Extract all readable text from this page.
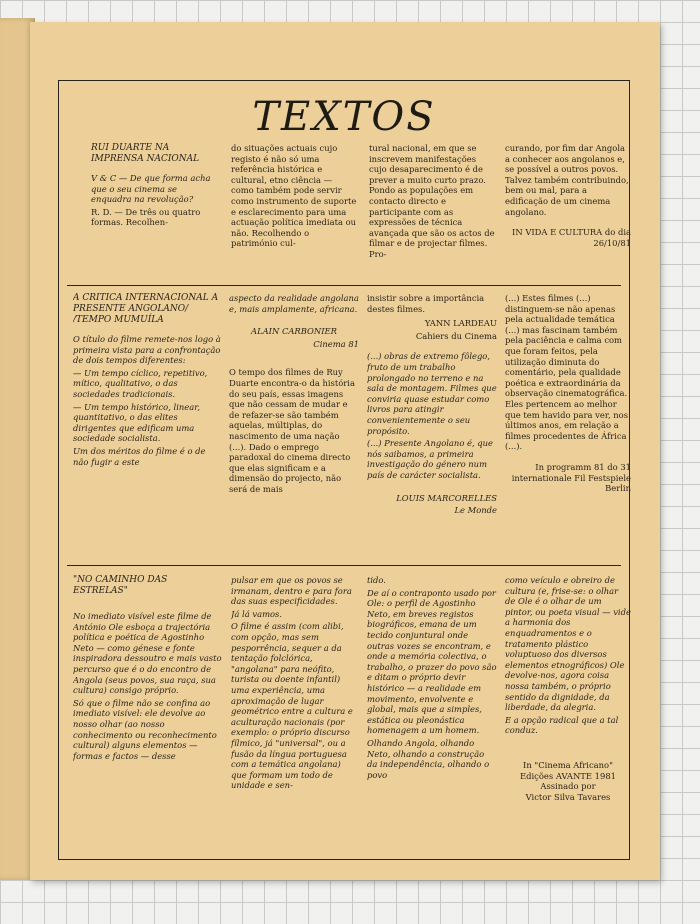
TEXTOS

RUI DUARTE NA IMPRENSA NACIONAL

V & C — De que forma acha que o seu cinema se enquadra na revolução?

R. D. — De três ou quatro formas. Recolhen-

do situações actuais cujo registo é não só uma referência histórica e cultural, etno ciência — como também pode servir como instrumento de suporte e esclarecimento para uma actuação política imediata ou não. Recolhendo o património cul-

tural nacional, em que se inscrevem manifestações cujo desaparecimento é de prever a muito curto prazo. Pondo as populações em contacto directo e participante com as expressões de técnica avançada que são os actos de filmar e de projectar filmes. Pro-

curando, por fim dar Angola a conhecer aos angolanos e, se possível a outros povos. Talvez também contribuindo, bem ou mal, para a edificação de um cinema angolano.

IN VIDA E CULTURA do dia 26/10/81

A CRÍTICA INTERNACIONAL A PRESENTE ANGOLANO/ /TEMPO MUMUÍLA

O título do filme remete-nos logo à primeira vista para a confrontação de dois tempos diferentes:

— Um tempo cíclico, repetitivo, mítico, qualitativo, o das sociedades tradicionais.

— Um tempo histórico, linear, quantitativo, o das elites dirigentes que edificam uma sociedade socialista.

Um dos méritos do filme é o de não fugir a este

aspecto da realidade angolana e, mais amplamente, africana.

ALAIN CARBONIER

Cinema 81

O tempo dos filmes de Ruy Duarte encontra-o da história do seu país, essas imagens que não cessam de mudar e de refazer-se são também aquelas, múltiplas, do nascimento de uma nação (...). Dado o emprego paradoxal do cinema directo que elas significam e a dimensão do projecto, não será de mais

insistir sobre a importância destes filmes.

YANN LARDEAU

Cahiers du Cinema

(...) obras de extremo fôlego, fruto de um trabalho prolongado no terreno e na sala de montagem. Filmes que conviria quase estudar como livros para atingir convenientemente o seu propósito.

(...) Presente Angolano é, que nós saibamos, a primeira investigação do género num país de carácter socialista.

LOUIS MARCORELLES

Le Monde

(...) Estes filmes (...) distinguem-se não apenas pela actualidade temática (...) mas fascinam também pela paciência e calma com que foram feitos, pela utilização diminuta do comentário, pela qualidade poética e extraordinária da observação cinematográfica. Eles pertencem ao melhor que tem havido para ver, nos últimos anos, em relação a filmes procedentes de África (...).

In programm 81 do 31 internationale Fil Festspiele Berlin

"NO CAMINHO DAS ESTRELAS"

No imediato visível este filme de António Ole esboça a trajectória política e poética de Agostinho Neto — como génese e fonte inspiradora dessoutro e mais vasto percurso que é o do encontro de Angola (seus povos, sua raça, sua cultura) consigo próprio.

Só que o filme não se confina ao imediato visível: ele devolve ao nosso olhar (ao nosso conhecimento ou reconhecimento cultural) alguns elementos — formas e factos — desse

pulsar em que os povos se irmanam, dentro e para fora das suas especificidades.

Já lá vamos.

O filme é assim (com alibi, com opção, mas sem pesporrência, sequer a da tentação folclórica, "angolana" para neófito, turista ou doente infantil) uma experiência, uma aproximação de lugar geométrico entre a cultura e aculturação nacionais (por exemplo: o próprio discurso fílmico, já "universal", ou a fusão da língua portuguesa com a temática angolana) que formam um todo de unidade e sen-

tido.

De aí o contraponto usado por Ole: o perfil de Agostinho Neto, em breves registos biográficos, emana de um tecido conjuntural onde outras vozes se encontram, e onde a memória colectiva, o trabalho, o prazer do povo são e ditam o próprio devir histórico — a realidade em movimento, envolvente e global, mais que a simples, estática ou pleonástica homenagem a um homem.

Olhando Angola, olhando Neto, olhando a construção da independência, olhando o povo

como veículo e obreiro de cultura (e, frise-se: o olhar de Ole é o olhar de um pintor, ou poeta visual — vide a harmonia dos enquadramentos e o tratamento plástico voluptuoso dos diversos elementos etnográficos) Ole devolve-nos, agora coisa nossa também, o próprio sentido da dignidade, da liberdade, da alegria.

E a opção radical que a tal conduz.

In "Cinema Africano"

Edições AVANTE 1981

Assinado por

Victor Silva Tavares
